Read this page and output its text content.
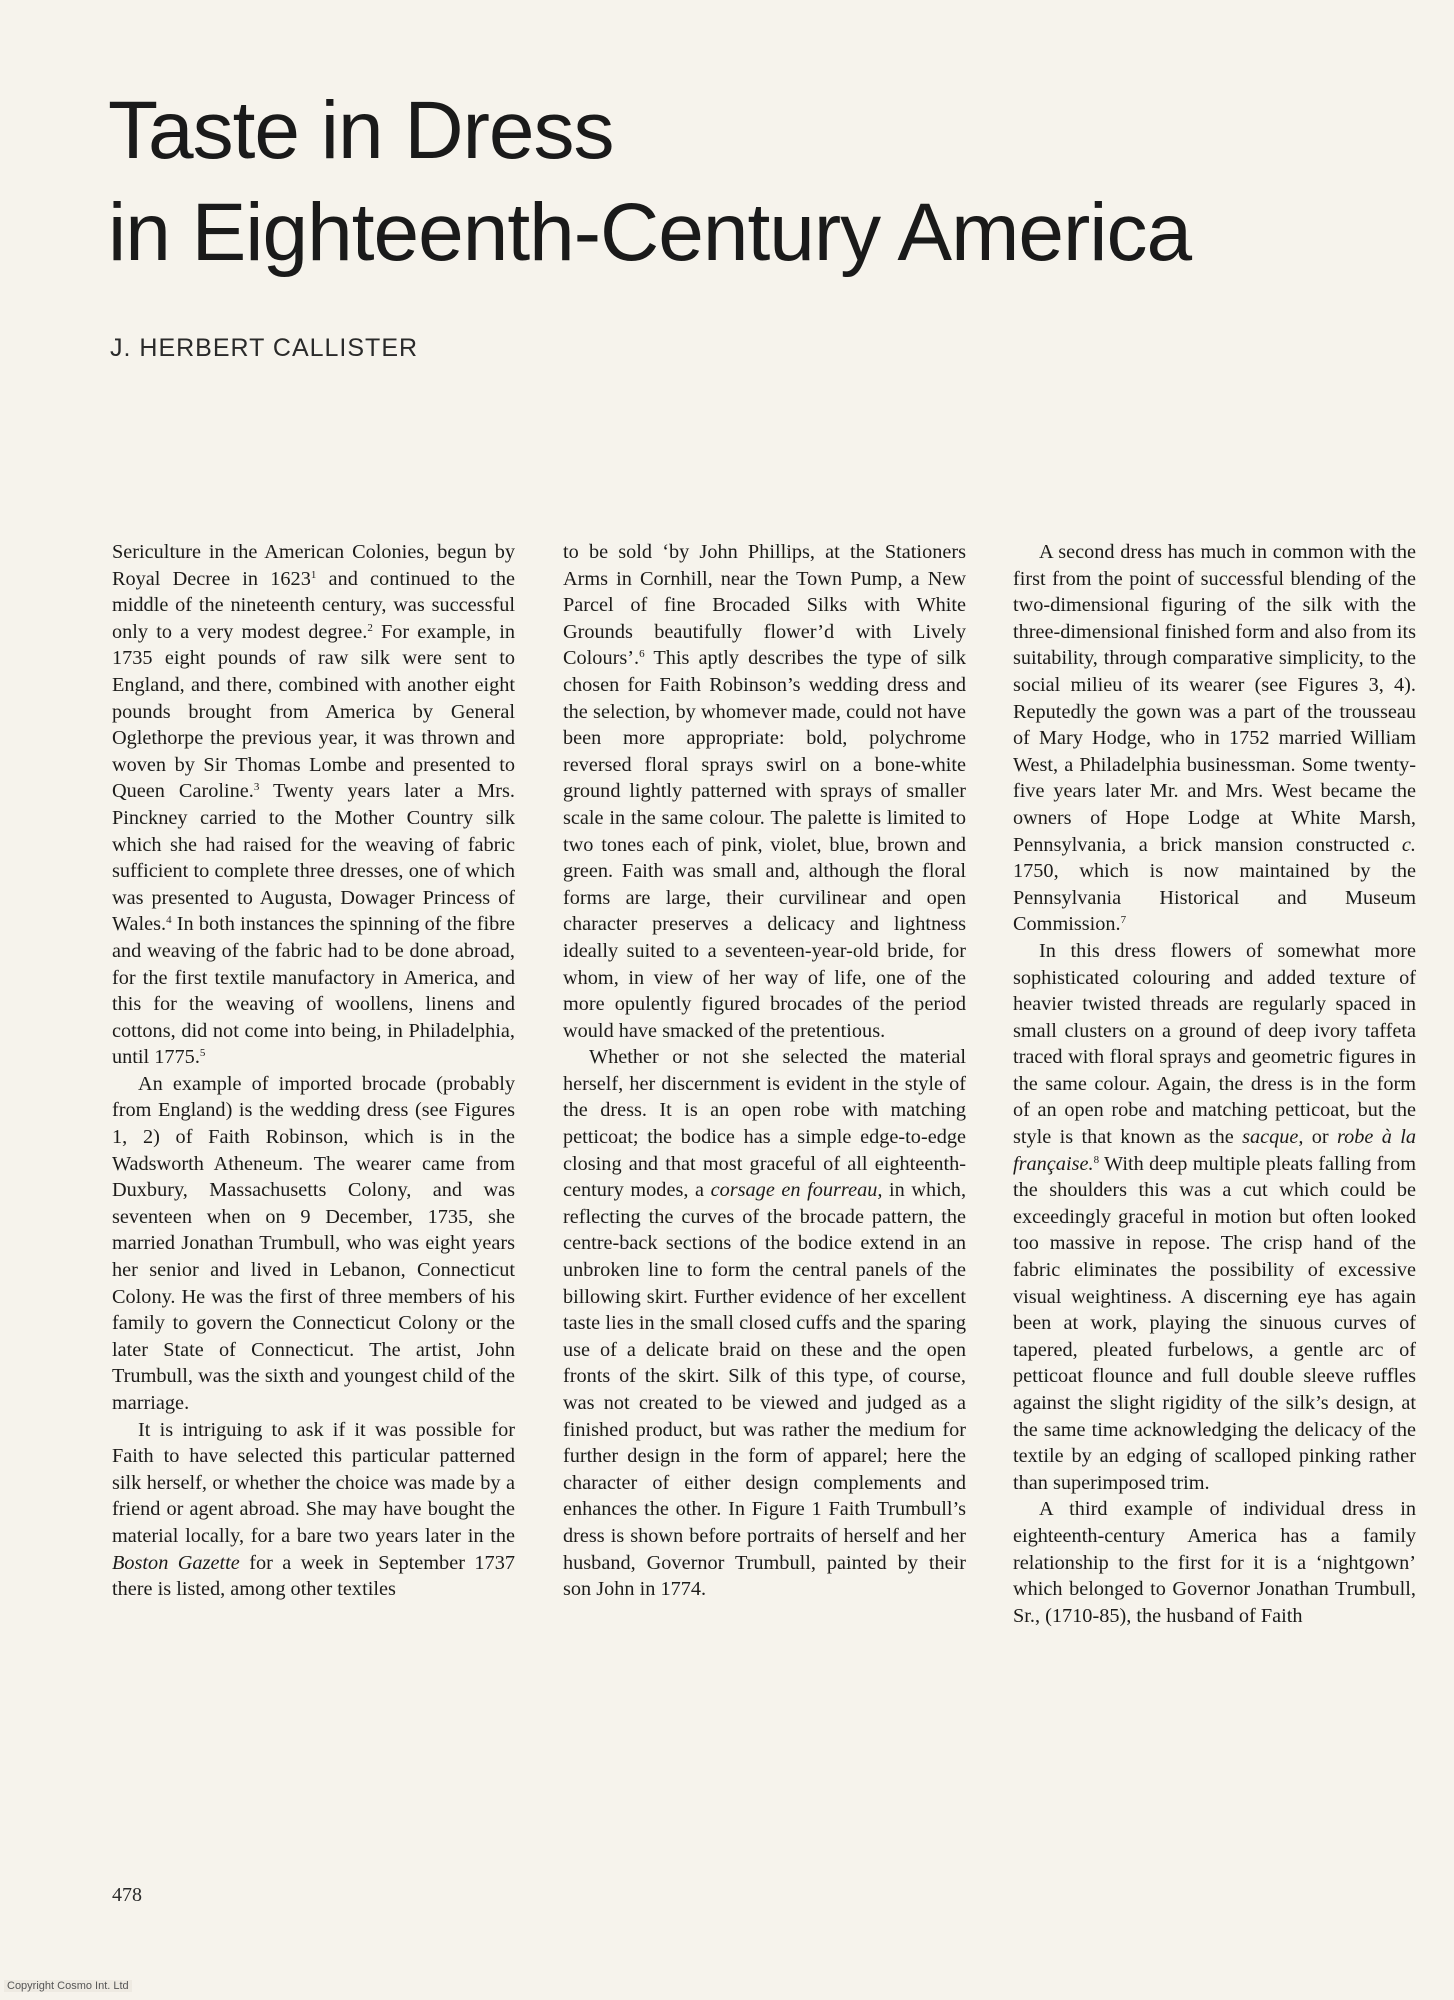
Taste in Dress
in Eighteenth-Century America
J. HERBERT CALLISTER

Sericulture in the American Colonies, begun by Royal Decree in 1623$^1$ and continued to the middle of the nineteenth century, was successful only to a very modest degree.$^2$ For example, in 1735 eight pounds of raw silk were sent to England, and there, combined with another eight pounds brought from America by General Oglethorpe the previous year, it was thrown and woven by Sir Thomas Lombe and presented to Queen Caroline.$^3$ Twenty years later a Mrs. Pinckney carried to the Mother Country silk which she had raised for the weaving of fabric sufficient to complete three dresses, one of which was presented to Augusta, Dowager Princess of Wales.$^4$ In both instances the spinning of the fibre and weaving of the fabric had to be done abroad, for the first textile manufactory in America, and this for the weaving of woollens, linens and cottons, did not come into being, in Philadelphia, until 1775.$^5$

An example of imported brocade (probably from England) is the wedding dress (see Figures 1, 2) of Faith Robinson, which is in the Wadsworth Atheneum. The wearer came from Duxbury, Massachusetts Colony, and was seventeen when on 9 December, 1735, she married Jonathan Trumbull, who was eight years her senior and lived in Lebanon, Connecticut Colony. He was the first of three members of his family to govern the Connecticut Colony or the later State of Connecticut. The artist, John Trumbull, was the sixth and youngest child of the marriage.

It is intriguing to ask if it was possible for Faith to have selected this particular patterned silk herself, or whether the choice was made by a friend or agent abroad. She may have bought the material locally, for a bare two years later in the Boston Gazette for a week in September 1737 there is listed, among other textiles

to be sold ‘by John Phillips, at the Stationers Arms in Cornhill, near the Town Pump, a New Parcel of fine Brocaded Silks with White Grounds beautifully flower’d with Lively Colours’.$^6$ This aptly describes the type of silk chosen for Faith Robinson’s wedding dress and the selection, by whomever made, could not have been more appropriate: bold, polychrome reversed floral sprays swirl on a bone-white ground lightly patterned with sprays of smaller scale in the same colour. The palette is limited to two tones each of pink, violet, blue, brown and green. Faith was small and, although the floral forms are large, their curvilinear and open character preserves a delicacy and lightness ideally suited to a seventeen-year-old bride, for whom, in view of her way of life, one of the more opulently figured brocades of the period would have smacked of the pretentious.

Whether or not she selected the material herself, her discernment is evident in the style of the dress. It is an open robe with matching petticoat; the bodice has a simple edge-to-edge closing and that most graceful of all eighteenth-century modes, a corsage en fourreau, in which, reflecting the curves of the brocade pattern, the centre-back sections of the bodice extend in an unbroken line to form the central panels of the billowing skirt. Further evidence of her excellent taste lies in the small closed cuffs and the sparing use of a delicate braid on these and the open fronts of the skirt. Silk of this type, of course, was not created to be viewed and judged as a finished product, but was rather the medium for further design in the form of apparel; here the character of either design complements and enhances the other. In Figure 1 Faith Trumbull’s dress is shown before portraits of herself and her husband, Governor Trumbull, painted by their son John in 1774.

A second dress has much in common with the first from the point of successful blending of the two-dimensional figuring of the silk with the three-dimensional finished form and also from its suitability, through comparative simplicity, to the social milieu of its wearer (see Figures 3, 4). Reputedly the gown was a part of the trousseau of Mary Hodge, who in 1752 married William West, a Philadelphia businessman. Some twenty-five years later Mr. and Mrs. West became the owners of Hope Lodge at White Marsh, Pennsylvania, a brick mansion constructed c. 1750, which is now maintained by the Pennsylvania Historical and Museum Commission.$^7$

In this dress flowers of somewhat more sophisticated colouring and added texture of heavier twisted threads are regularly spaced in small clusters on a ground of deep ivory taffeta traced with floral sprays and geometric figures in the same colour. Again, the dress is in the form of an open robe and matching petticoat, but the style is that known as the sacque, or robe à la française.$^8$ With deep multiple pleats falling from the shoulders this was a cut which could be exceedingly graceful in motion but often looked too massive in repose. The crisp hand of the fabric eliminates the possibility of excessive visual weightiness. A discerning eye has again been at work, playing the sinuous curves of tapered, pleated furbelows, a gentle arc of petticoat flounce and full double sleeve ruffles against the slight rigidity of the silk’s design, at the same time acknowledging the delicacy of the textile by an edging of scalloped pinking rather than superimposed trim.

A third example of individual dress in eighteenth-century America has a family relationship to the first for it is a ‘nightgown’ which belonged to Governor Jonathan Trumbull, Sr., (1710-85), the husband of Faith

478
Copyright Cosmo Int. Ltd
